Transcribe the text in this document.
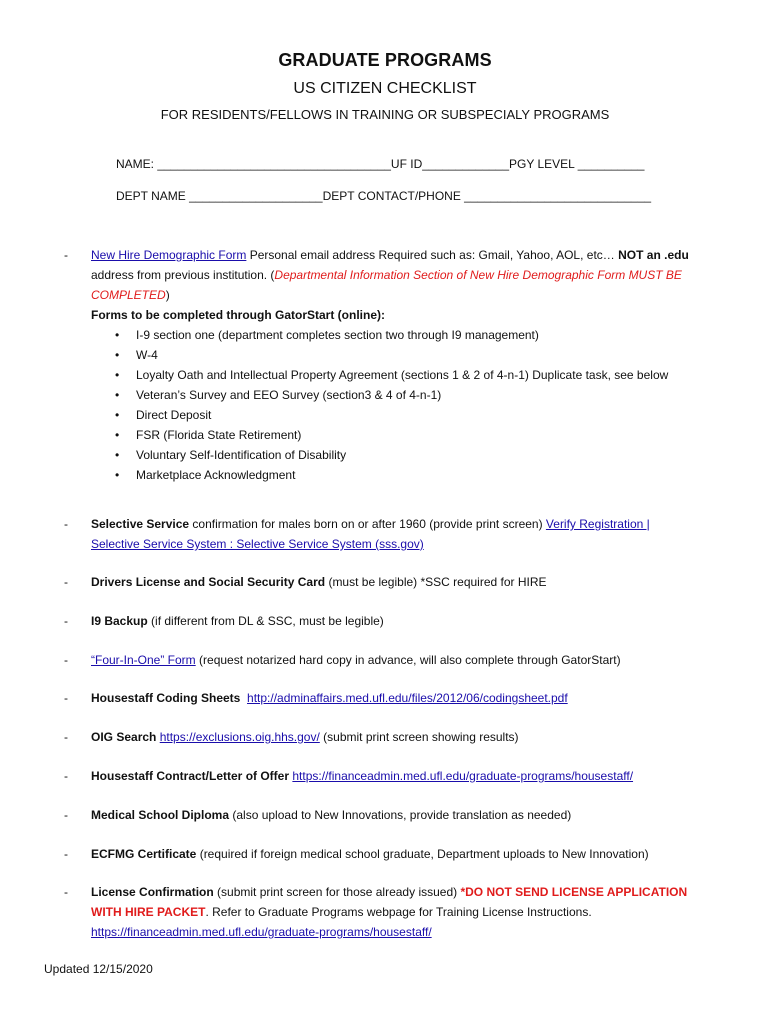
GRADUATE PROGRAMS
US CITIZEN CHECKLIST
FOR RESIDENTS/FELLOWS IN TRAINING OR SUBSPECIALY PROGRAMS
NAME: ___________________________________UF ID_____________PGY LEVEL __________
DEPT NAME ____________________DEPT CONTACT/PHONE ____________________________
- New Hire Demographic Form Personal email address Required such as: Gmail, Yahoo, AOL, etc… NOT an .edu
address from previous institution. (Departmental Information Section of New Hire Demographic Form MUST BE
COMPLETED)
Forms to be completed through GatorStart (online):
• I-9 section one (department completes section two through I9 management)
• W-4
• Loyalty Oath and Intellectual Property Agreement (sections 1 & 2 of 4-n-1) Duplicate task, see below
• Veteran’s Survey and EEO Survey (section3 & 4 of 4-n-1)
• Direct Deposit
• FSR (Florida State Retirement)
• Voluntary Self-Identification of Disability
• Marketplace Acknowledgment
- Selective Service confirmation for males born on or after 1960 (provide print screen) Verify Registration |
Selective Service System : Selective Service System (sss.gov)
- Drivers License and Social Security Card (must be legible) *SSC required for HIRE
- I9 Backup (if different from DL & SSC, must be legible)
- “Four-In-One” Form (request notarized hard copy in advance, will also complete through GatorStart)
- Housestaff Coding Sheets http://adminaffairs.med.ufl.edu/files/2012/06/codingsheet.pdf
- OIG Search https://exclusions.oig.hhs.gov/ (submit print screen showing results)
- Housestaff Contract/Letter of Offer https://financeadmin.med.ufl.edu/graduate-programs/housestaff/
- Medical School Diploma (also upload to New Innovations, provide translation as needed)
- ECFMG Certificate (required if foreign medical school graduate, Department uploads to New Innovation)
- License Confirmation (submit print screen for those already issued) *DO NOT SEND LICENSE APPLICATION
WITH HIRE PACKET. Refer to Graduate Programs webpage for Training License Instructions.
https://financeadmin.med.ufl.edu/graduate-programs/housestaff/
Updated 12/15/2020
